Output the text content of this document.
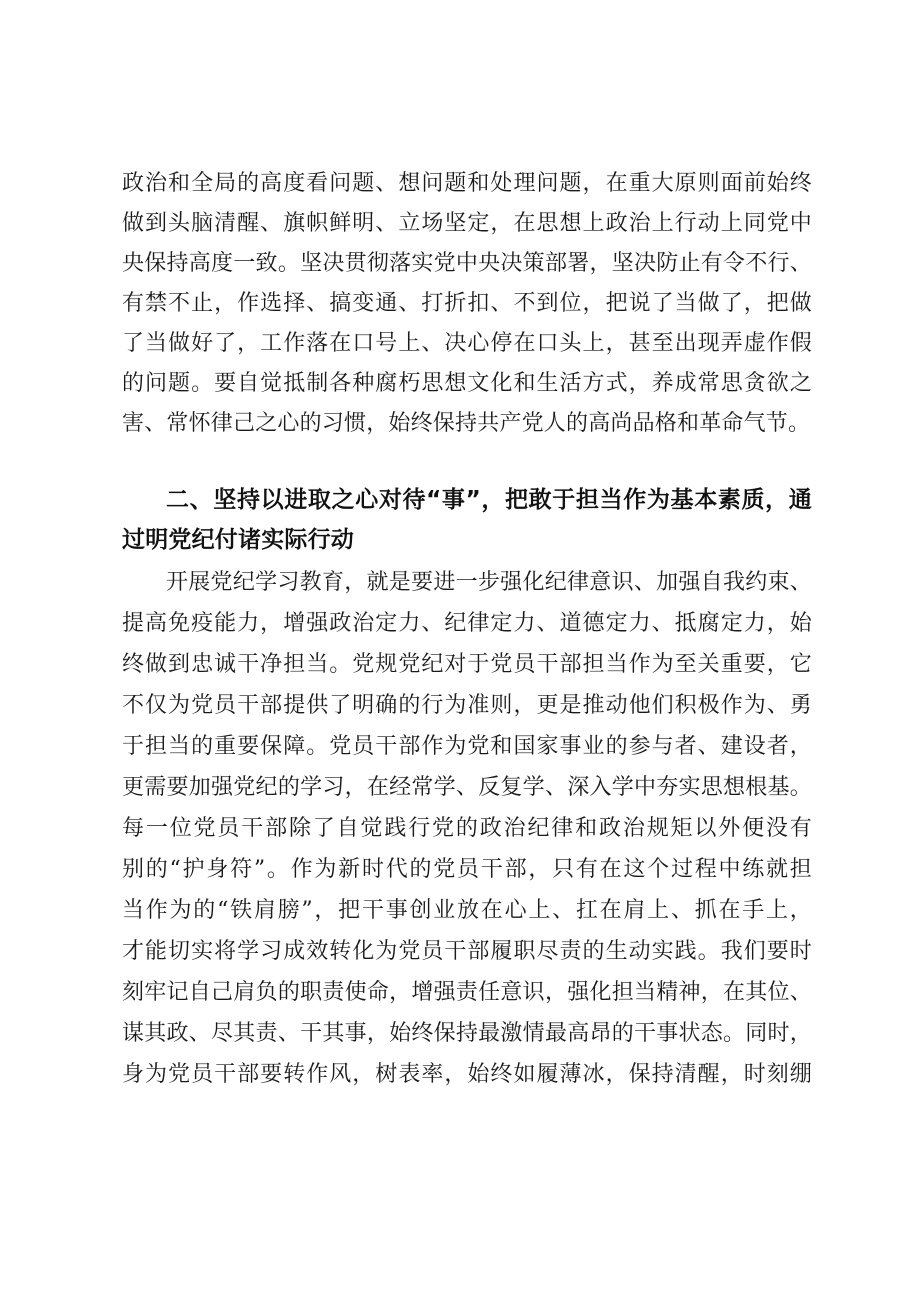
政治和全局的高度看问题、想问题和处理问题，在重大原则面前始终
做到头脑清醒、旗帜鲜明、立场坚定，在思想上政治上行动上同党中
央保持高度一致。坚决贯彻落实党中央决策部署，坚决防止有令不行、
有禁不止，作选择、搞变通、打折扣、不到位，把说了当做了，把做
了当做好了，工作落在口号上、决心停在口头上，甚至出现弄虚作假
的问题。要自觉抵制各种腐朽思想文化和生活方式，养成常思贪欲之
害、常怀律己之心的习惯，始终保持共产党人的高尚品格和革命气节。
二、坚持以进取之心对待“事”，把敢于担当作为基本素质，通
过明党纪付诸实际行动
开展党纪学习教育，就是要进一步强化纪律意识、加强自我约束、
提高免疫能力，增强政治定力、纪律定力、道德定力、抵腐定力，始
终做到忠诚干净担当。党规党纪对于党员干部担当作为至关重要，它
不仅为党员干部提供了明确的行为准则，更是推动他们积极作为、勇
于担当的重要保障。党员干部作为党和国家事业的参与者、建设者，
更需要加强党纪的学习，在经常学、反复学、深入学中夯实思想根基。
每一位党员干部除了自觉践行党的政治纪律和政治规矩以外便没有
别的“护身符”。作为新时代的党员干部，只有在这个过程中练就担
当作为的“铁肩膀”，把干事创业放在心上、扛在肩上、抓在手上，
才能切实将学习成效转化为党员干部履职尽责的生动实践。我们要时
刻牢记自己肩负的职责使命，增强责任意识，强化担当精神，在其位、
谋其政、尽其责、干其事，始终保持最激情最高昂的干事状态。同时，
身为党员干部要转作风，树表率，始终如履薄冰，保持清醒，时刻绷
